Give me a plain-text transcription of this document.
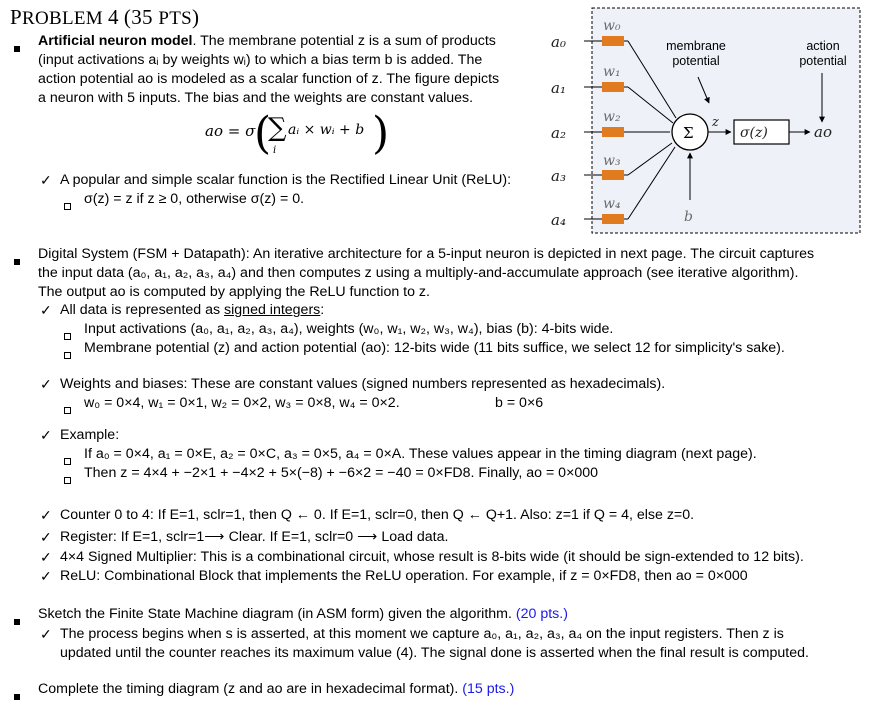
PROBLEM 4 (35 PTS)
Artificial neuron model. The membrane potential z is a sum of products
(input activations aᵢ by weights wᵢ) to which a bias term b is added. The
action potential ao is modeled as a scalar function of z. The figure depicts
a neuron with 5 inputs. The bias and the weights are constant values.
ao = σ
(
∑
i
aᵢ × wᵢ + b )
✓ A popular and simple scalar function is the Rectified Linear Unit (ReLU):
σ(z) = z if z ≥ 0, otherwise σ(z) = 0.
w₀
w₁
w₂
w₃
w₄
b
a₀
a₁
a₂
a₃
a₄
z
σ(z)	ao
Σ
membrane
potential
action
potential
Digital System (FSM + Datapath): An iterative architecture for a 5-input neuron is depicted in next page. The circuit captures
the input data (a₀, a₁, a₂, a₃, a₄) and then computes z using a multiply-and-accumulate approach (see iterative algorithm).
The output ao is computed by applying the ReLU function to z.
✓ All data is represented as signed integers:
Input activations (a₀, a₁, a₂, a₃, a₄), weights (w₀, w₁, w₂, w₃, w₄), bias (b): 4-bits wide.
Membrane potential (z) and action potential (ao): 12-bits wide (11 bits suffice, we select 12 for simplicity's sake).
✓ Weights and biases: These are constant values (signed numbers represented as hexadecimals).
w₀ = 0×4, w₁ = 0×1, w₂ = 0×2, w₃ = 0×8, w₄ = 0×2.	b = 0×6
✓ Example:
If a₀ = 0×4, a₁ = 0×E, a₂ = 0×C, a₃ = 0×5, a₄ = 0×A. These values appear in the timing diagram (next page).
Then z = 4×4 + −2×1 + −4×2 + 5×(−8) + −6×2 = −40 = 0×FD8. Finally, ao = 0×000
✓ Counter 0 to 4: If E=1, sclr=1, then Q ← 0. If E=1, sclr=0, then Q ← Q+1. Also: z=1 if Q = 4, else z=0.
✓ Register: If E=1, sclr=1⟶ Clear. If E=1, sclr=0 ⟶ Load data.
✓ 4×4 Signed Multiplier: This is a combinational circuit, whose result is 8-bits wide (it should be sign-extended to 12 bits).
✓ ReLU: Combinational Block that implements the ReLU operation. For example, if z = 0×FD8, then ao = 0×000
Sketch the Finite State Machine diagram (in ASM form) given the algorithm. (20 pts.)
✓ The process begins when s is asserted, at this moment we capture a₀, a₁, a₂, a₃, a₄ on the input registers. Then z is
updated until the counter reaches its maximum value (4). The signal done is asserted when the final result is computed.
Complete the timing diagram (z and ao are in hexadecimal format). (15 pts.)
